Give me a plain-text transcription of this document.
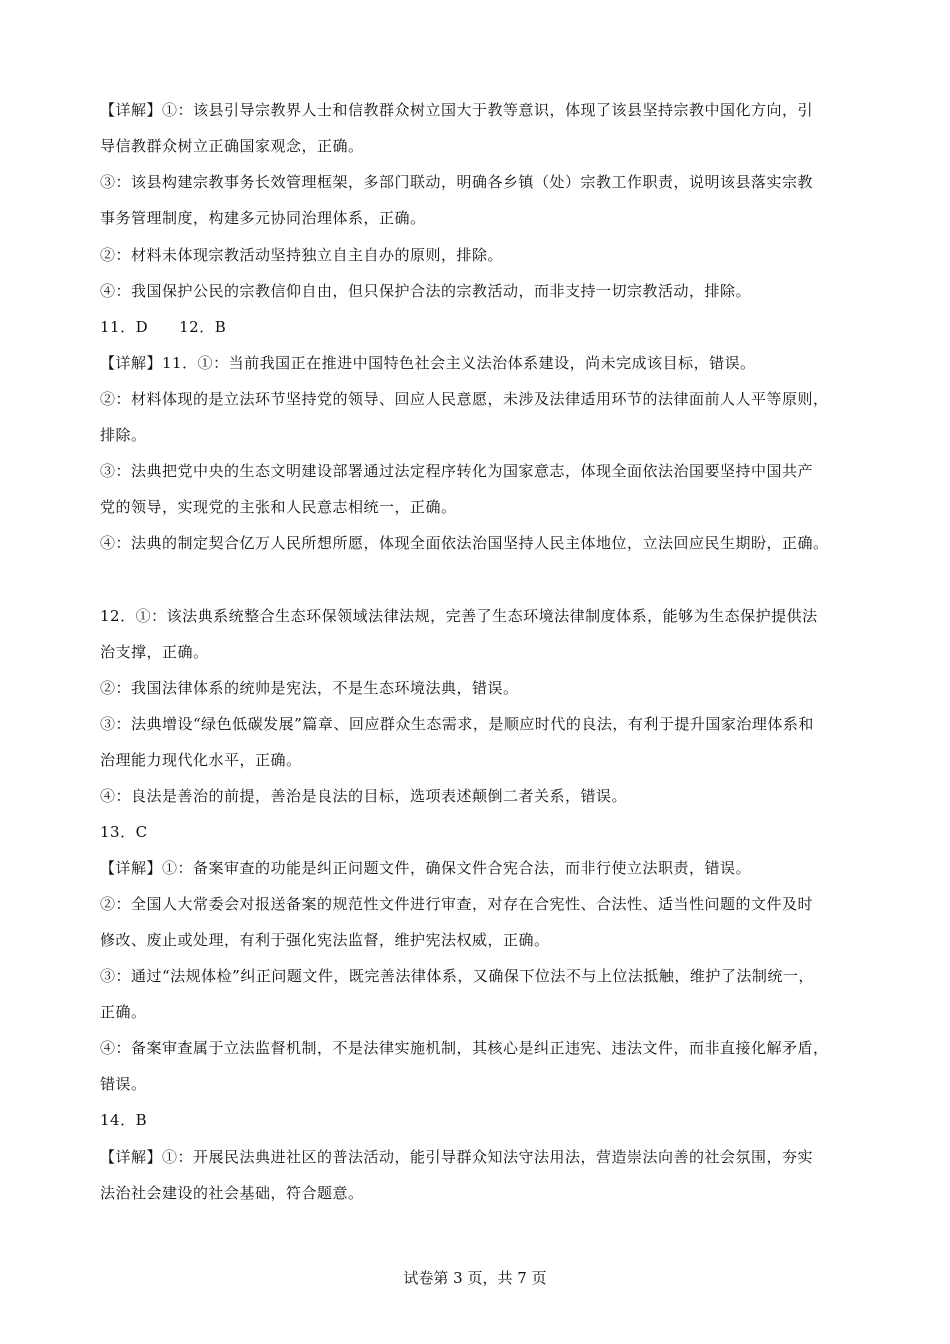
【详解】①：该县引导宗教界人士和信教群众树立国大于教等意识，体现了该县坚持宗教中国化方向，引
导信教群众树立正确国家观念，正确。
③：该县构建宗教事务长效管理框架，多部门联动，明确各乡镇（处）宗教工作职责，说明该县落实宗教
事务管理制度，构建多元协同治理体系，正确。
②：材料未体现宗教活动坚持独立自主自办的原则，排除。
④：我国保护公民的宗教信仰自由，但只保护合法的宗教活动，而非支持一切宗教活动，排除。
11．D　　12．B
【详解】11．①：当前我国正在推进中国特色社会主义法治体系建设，尚未完成该目标，错误。
②：材料体现的是立法环节坚持党的领导、回应人民意愿，未涉及法律适用环节的法律面前人人平等原则，
排除。
③：法典把党中央的生态文明建设部署通过法定程序转化为国家意志，体现全面依法治国要坚持中国共产
党的领导，实现党的主张和人民意志相统一，正确。
④：法典的制定契合亿万人民所想所愿，体现全面依法治国坚持人民主体地位，立法回应民生期盼，正确。
12．①：该法典系统整合生态环保领域法律法规，完善了生态环境法律制度体系，能够为生态保护提供法
治支撑，正确。
②：我国法律体系的统帅是宪法，不是生态环境法典，错误。
③：法典增设“绿色低碳发展”篇章、回应群众生态需求，是顺应时代的良法，有利于提升国家治理体系和
治理能力现代化水平，正确。
④：良法是善治的前提，善治是良法的目标，选项表述颠倒二者关系，错误。
13．C
【详解】①：备案审查的功能是纠正问题文件，确保文件合宪合法，而非行使立法职责，错误。
②：全国人大常委会对报送备案的规范性文件进行审查，对存在合宪性、合法性、适当性问题的文件及时
修改、废止或处理，有利于强化宪法监督，维护宪法权威，正确。
③：通过“法规体检”纠正问题文件，既完善法律体系，又确保下位法不与上位法抵触，维护了法制统一，
正确。
④：备案审查属于立法监督机制，不是法律实施机制，其核心是纠正违宪、违法文件，而非直接化解矛盾，
错误。
14．B
【详解】①：开展民法典进社区的普法活动，能引导群众知法守法用法，营造崇法向善的社会氛围，夯实
法治社会建设的社会基础，符合题意。
试卷第 3 页，共 7 页
